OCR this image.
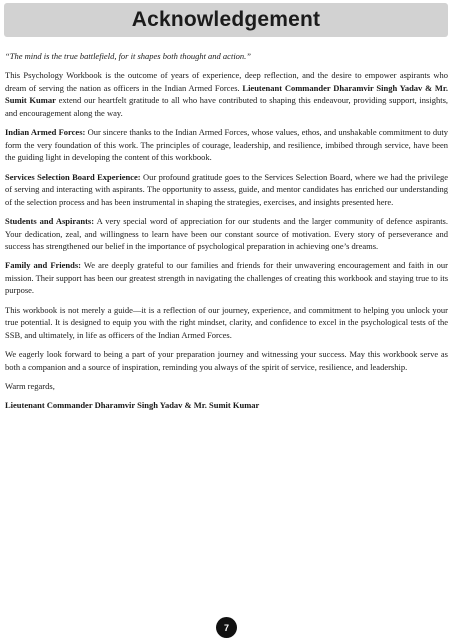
Acknowledgement

“The mind is the true battlefield, for it shapes both thought and action.”

This Psychology Workbook is the outcome of years of experience, deep reflection, and the desire to empower aspirants who dream of serving the nation as officers in the Indian Armed Forces. Lieutenant Commander Dharamvir Singh Yadav & Mr. Sumit Kumar extend our heartfelt gratitude to all who have contributed to shaping this endeavour, providing support, insights, and encouragement along the way.

Indian Armed Forces: Our sincere thanks to the Indian Armed Forces, whose values, ethos, and unshakable commitment to duty form the very foundation of this work. The principles of courage, leadership, and resilience, imbibed through service, have been the guiding light in developing the content of this workbook.

Services Selection Board Experience: Our profound gratitude goes to the Services Selection Board, where we had the privilege of serving and interacting with aspirants. The opportunity to assess, guide, and mentor candidates has enriched our understanding of the selection process and has been instrumental in shaping the strategies, exercises, and insights presented here.

Students and Aspirants: A very special word of appreciation for our students and the larger community of defence aspirants. Your dedication, zeal, and willingness to learn have been our constant source of motivation. Every story of perseverance and success has strengthened our belief in the importance of psychological preparation in achieving one’s dreams.

Family and Friends: We are deeply grateful to our families and friends for their unwavering encouragement and faith in our mission. Their support has been our greatest strength in navigating the challenges of creating this workbook and staying true to its purpose.

This workbook is not merely a guide—it is a reflection of our journey, experience, and commitment to helping you unlock your true potential. It is designed to equip you with the right mindset, clarity, and confidence to excel in the psychological tests of the SSB, and ultimately, in life as officers of the Indian Armed Forces.

We eagerly look forward to being a part of your preparation journey and witnessing your success. May this workbook serve as both a companion and a source of inspiration, reminding you always of the spirit of service, resilience, and leadership.

Warm regards,

Lieutenant Commander Dharamvir Singh Yadav & Mr. Sumit Kumar

7
